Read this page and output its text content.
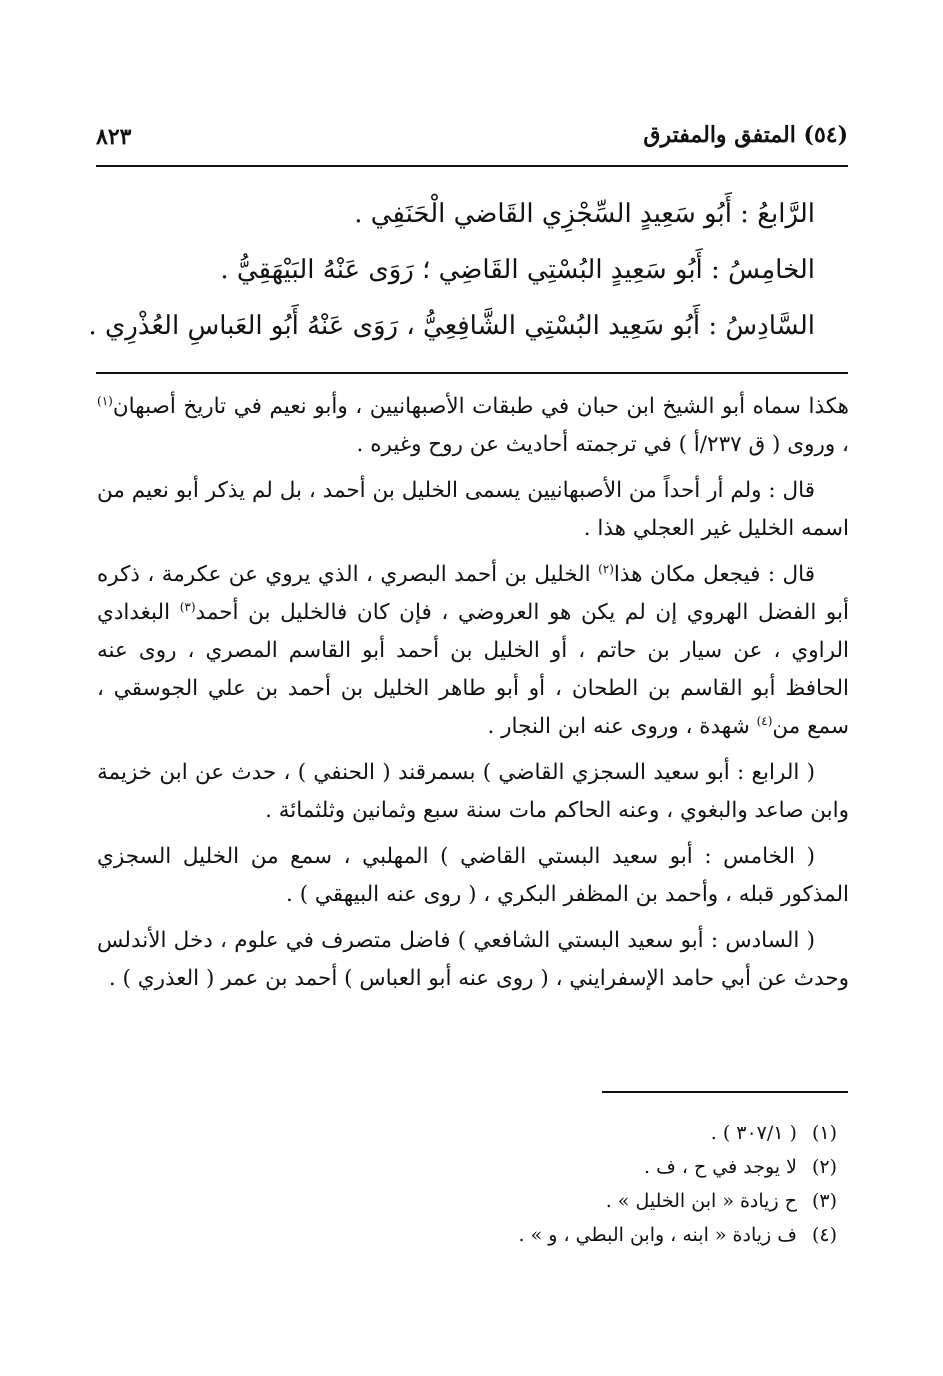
(٥٤) المتفق والمفترق
٨٢٣
الرَّابعُ : أَبُو سَعِيدٍ السِّجْزِي القَاضي الْحَنَفِي .
الخامِسُ : أَبُو سَعِيدٍ البُسْتِي القَاضِي ؛ رَوَى عَنْهُ البَيْهَقِيُّ .
السَّادِسُ : أَبُو سَعِيد البُسْتِي الشَّافِعِيُّ ، رَوَى عَنْهُ أَبُو العَباسِ العُذْرِي .

هكذا سماه أبو الشيخ ابن حبان في طبقات الأصبهانيين ، وأبو نعيم في تاريخ أصبهان$^{(١)}$ ، وروى ( ق ٢٣٧/أ ) في ترجمته أحاديث عن روح وغيره .

قال : ولم أر أحداً من الأصبهانيين يسمى الخليل بن أحمد ، بل لم يذكر أبو نعيم من اسمه الخليل غير العجلي هذا .

قال : فيجعل مكان هذا$^{(٢)}$ الخليل بن أحمد البصري ، الذي يروي عن عكرمة ، ذكره أبو الفضل الهروي إن لم يكن هو العروضي ، فإن كان فالخليل بن أحمد$^{(٣)}$ البغدادي الراوي ، عن سيار بن حاتم ، أو الخليل بن أحمد أبو القاسم المصري ، روى عنه الحافظ أبو القاسم بن الطحان ، أو أبو طاهر الخليل بن أحمد بن علي الجوسقي ، سمع من$^{(٤)}$ شهدة ، وروى عنه ابن النجار .

( الرابع : أبو سعيد السجزي القاضي ) بسمرقند ( الحنفي ) ، حدث عن ابن خزيمة وابن صاعد والبغوي ، وعنه الحاكم مات سنة سبع وثمانين وثلثمائة .

( الخامس : أبو سعيد البستي القاضي ) المهلبي ، سمع من الخليل السجزي المذكور قبله ، وأحمد بن المظفر البكري ، ( روى عنه البيهقي ) .

( السادس : أبو سعيد البستي الشافعي ) فاضل متصرف في علوم ، دخل الأندلس وحدث عن أبي حامد الإسفرايني ، ( روى عنه أبو العباس ) أحمد بن عمر ( العذري ) .

(١) ( ٣٠٧/١ ) .
(٢) لا يوجد في ح ، ف .
(٣) ح زيادة « ابن الخليل » .
(٤) ف زيادة « ابنه ، وابن البطي ، و » .
